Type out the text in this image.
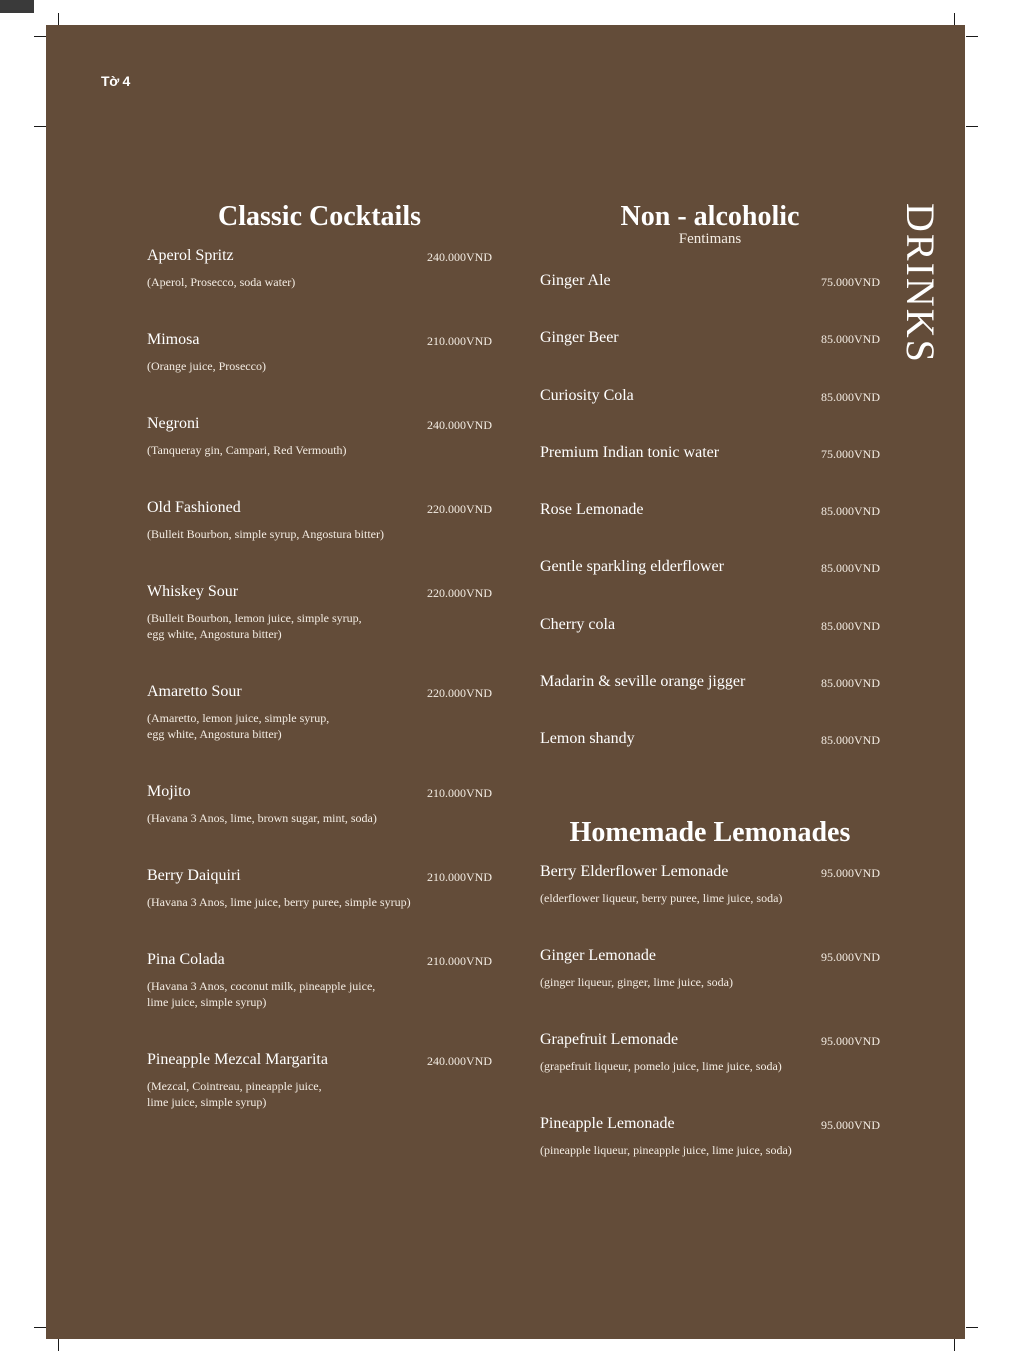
Tờ 4
DRINKS
Classic Cocktails
Aperol Spritz	240.000VND
(Aperol, Prosecco, soda water)
Mimosa	210.000VND
(Orange juice, Prosecco)
Negroni	240.000VND
(Tanqueray gin, Campari, Red Vermouth)
Old Fashioned	220.000VND
(Bulleit Bourbon, simple syrup, Angostura bitter)
Whiskey Sour	220.000VND
(Bulleit Bourbon, lemon juice, simple syrup,
egg white, Angostura bitter)
Amaretto Sour	220.000VND
(Amaretto, lemon juice, simple syrup,
egg white, Angostura bitter)
Mojito	210.000VND
(Havana 3 Anos, lime, brown sugar, mint, soda)
Berry Daiquiri	210.000VND
(Havana 3 Anos, lime juice, berry puree, simple syrup)
Pina Colada	210.000VND
(Havana 3 Anos, coconut milk, pineapple juice,
lime juice, simple syrup)
Pineapple Mezcal Margarita	240.000VND
(Mezcal, Cointreau, pineapple juice,
lime juice, simple syrup)
Non - alcoholic
Fentimans
Ginger Ale	75.000VND
Ginger Beer	85.000VND
Curiosity Cola	85.000VND
Premium Indian tonic water	75.000VND
Rose Lemonade	85.000VND
Gentle sparkling elderflower	85.000VND
Cherry cola	85.000VND
Madarin & seville orange jigger	85.000VND
Lemon shandy	85.000VND
Homemade Lemonades
Berry Elderflower Lemonade	95.000VND
(elderflower liqueur, berry puree, lime juice, soda)
Ginger Lemonade	95.000VND
(ginger liqueur, ginger, lime juice, soda)
Grapefruit Lemonade	95.000VND
(grapefruit liqueur, pomelo juice, lime juice, soda)
Pineapple Lemonade	95.000VND
(pineapple liqueur, pineapple juice, lime juice, soda)
